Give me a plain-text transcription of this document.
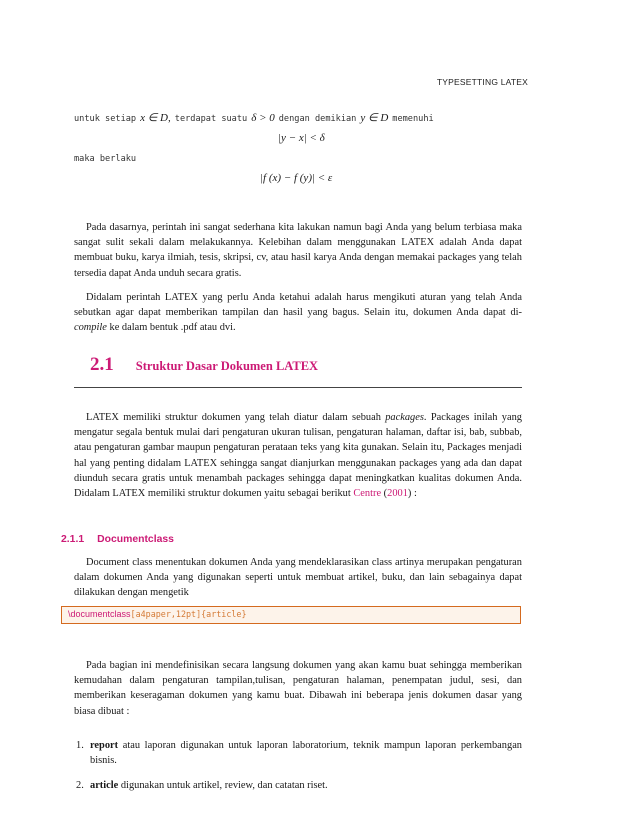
TYPESETTING LATEX
untuk setiap x ∈ D, terdapat suatu δ > 0 dengan demikian y ∈ D memenuhi
|y − x| < δ
maka berlaku
|f (x) − f (y)| < ε

Pada dasarnya, perintah ini sangat sederhana kita lakukan namun bagi Anda yang belum terbiasa maka sangat sulit sekali dalam melakukannya. Kelebihan dalam menggunakan LATEX adalah Anda dapat membuat buku, karya ilmiah, tesis, skripsi, cv, atau hasil karya Anda dengan memakai packages yang telah tersedia dapat Anda unduh secara gratis.

Didalam perintah LATEX yang perlu Anda ketahui adalah harus mengikuti aturan yang telah Anda sebutkan agar dapat memberikan tampilan dan hasil yang bagus. Selain itu, dokumen Anda dapat di-compile ke dalam bentuk .pdf atau dvi.

2.1 Struktur Dasar Dokumen LATEX

LATEX memiliki struktur dokumen yang telah diatur dalam sebuah packages. Packages inilah yang mengatur segala bentuk mulai dari pengaturan ukuran tulisan, pengaturan halaman, daftar isi, bab, subbab, atau pengaturan gambar maupun pengaturan perataan teks yang kita gunakan. Selain itu, Packages menjadi hal yang penting didalam LATEX sehingga sangat dianjurkan menggunakan packages yang ada dan dapat diunduh secara gratis untuk menambah packages sehingga dapat meningkatkan kualitas dokumen Anda. Didalam LATEX memiliki struktur dokumen yaitu sebagai berikut Centre (2001) :

2.1.1 Documentclass

Document class menentukan dokumen Anda yang mendeklarasikan class artinya merupakan pengaturan dalam dokumen Anda yang digunakan seperti untuk membuat artikel, buku, dan lain sebagainya dapat dilakukan dengan mengetik

\documentclass[a4paper,12pt]{article}

Pada bagian ini mendefinisikan secara langsung dokumen yang akan kamu buat sehingga memberikan kemudahan dalam pengaturan tampilan,tulisan, pengaturan halaman, penempatan judul, sesi, dan memberikan keseragaman dokumen yang kamu buat. Dibawah ini beberapa jenis dokumen dasar yang biasa dibuat :

1. report atau laporan digunakan untuk laporan laboratorium, teknik mampun laporan perkembangan bisnis.
2. article digunakan untuk artikel, review, dan catatan riset.
